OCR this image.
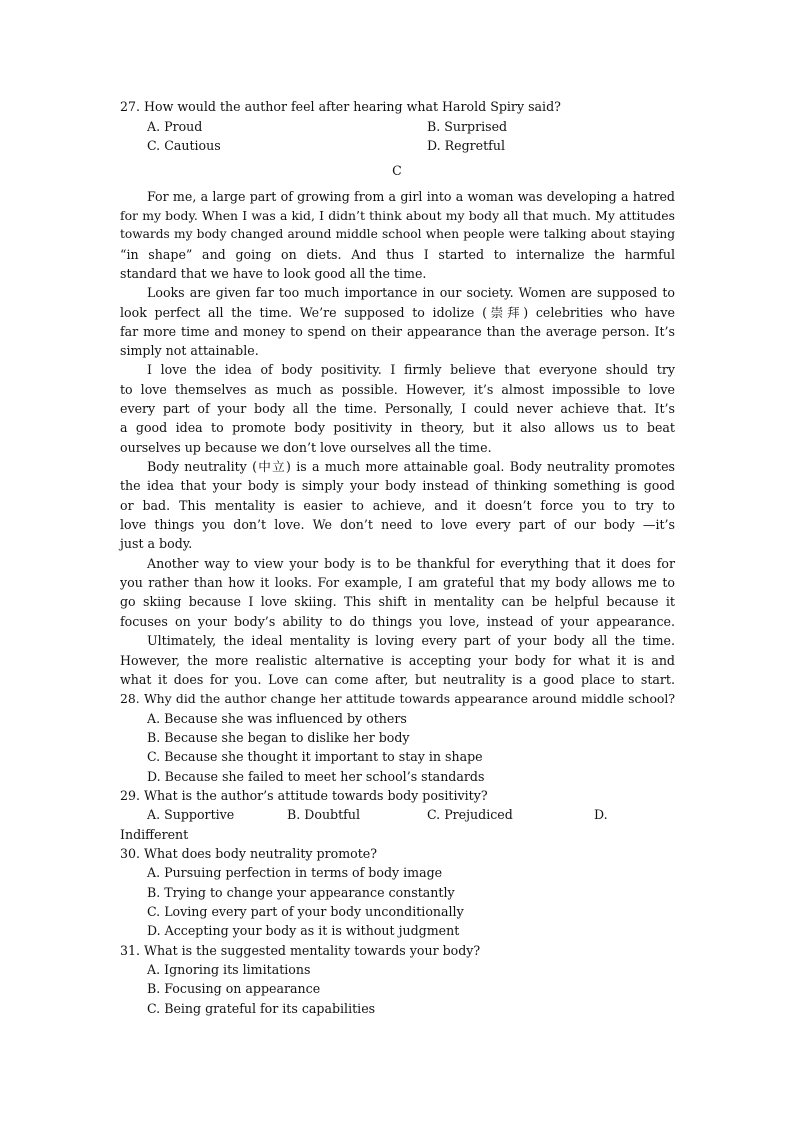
27. How would the author feel after hearing what Harold Spiry said?
A. Proud	B. Surprised
C. Cautious	D. Regretful
C
For me, a large part of growing from a girl into a woman was developing a hatred
for my body. When I was a kid, I didn’t think about my body all that much. My attitudes
towards my body changed around middle school when people were talking about staying
“in shape” and going on diets. And thus I started to internalize the harmful
standard that we have to look good all the time.
Looks are given far too much importance in our society. Women are supposed to
look perfect all the time. We’re supposed to idolize (崇拜) celebrities who have
far more time and money to spend on their appearance than the average person. It’s
simply not attainable.
I love the idea of body positivity. I firmly believe that everyone should try
to love themselves as much as possible. However, it’s almost impossible to love
every part of your body all the time. Personally, I could never achieve that. It’s
a good idea to promote body positivity in theory, but it also allows us to beat
ourselves up because we don’t love ourselves all the time.
Body neutrality (中立) is a much more attainable goal. Body neutrality promotes
the idea that your body is simply your body instead of thinking something is good
or bad. This mentality is easier to achieve, and it doesn’t force you to try to
love things you don’t love. We don’t need to love every part of our body —it’s
just a body.
Another way to view your body is to be thankful for everything that it does for
you rather than how it looks. For example, I am grateful that my body allows me to
go skiing because I love skiing. This shift in mentality can be helpful because it
focuses on your body’s ability to do things you love, instead of your appearance.
Ultimately, the ideal mentality is loving every part of your body all the time.
However, the more realistic alternative is accepting your body for what it is and
what it does for you. Love can come after, but neutrality is a good place to start.
28. Why did the author change her attitude towards appearance around middle school?
A. Because she was influenced by others
B. Because she began to dislike her body
C. Because she thought it important to stay in shape
D. Because she failed to meet her school’s standards
29. What is the author’s attitude towards body positivity?
A. Supportive	B. Doubtful	C. Prejudiced	D.
Indifferent
30. What does body neutrality promote?
A. Pursuing perfection in terms of body image
B. Trying to change your appearance constantly
C. Loving every part of your body unconditionally
D. Accepting your body as it is without judgment
31. What is the suggested mentality towards your body?
A. Ignoring its limitations
B. Focusing on appearance
C. Being grateful for its capabilities
